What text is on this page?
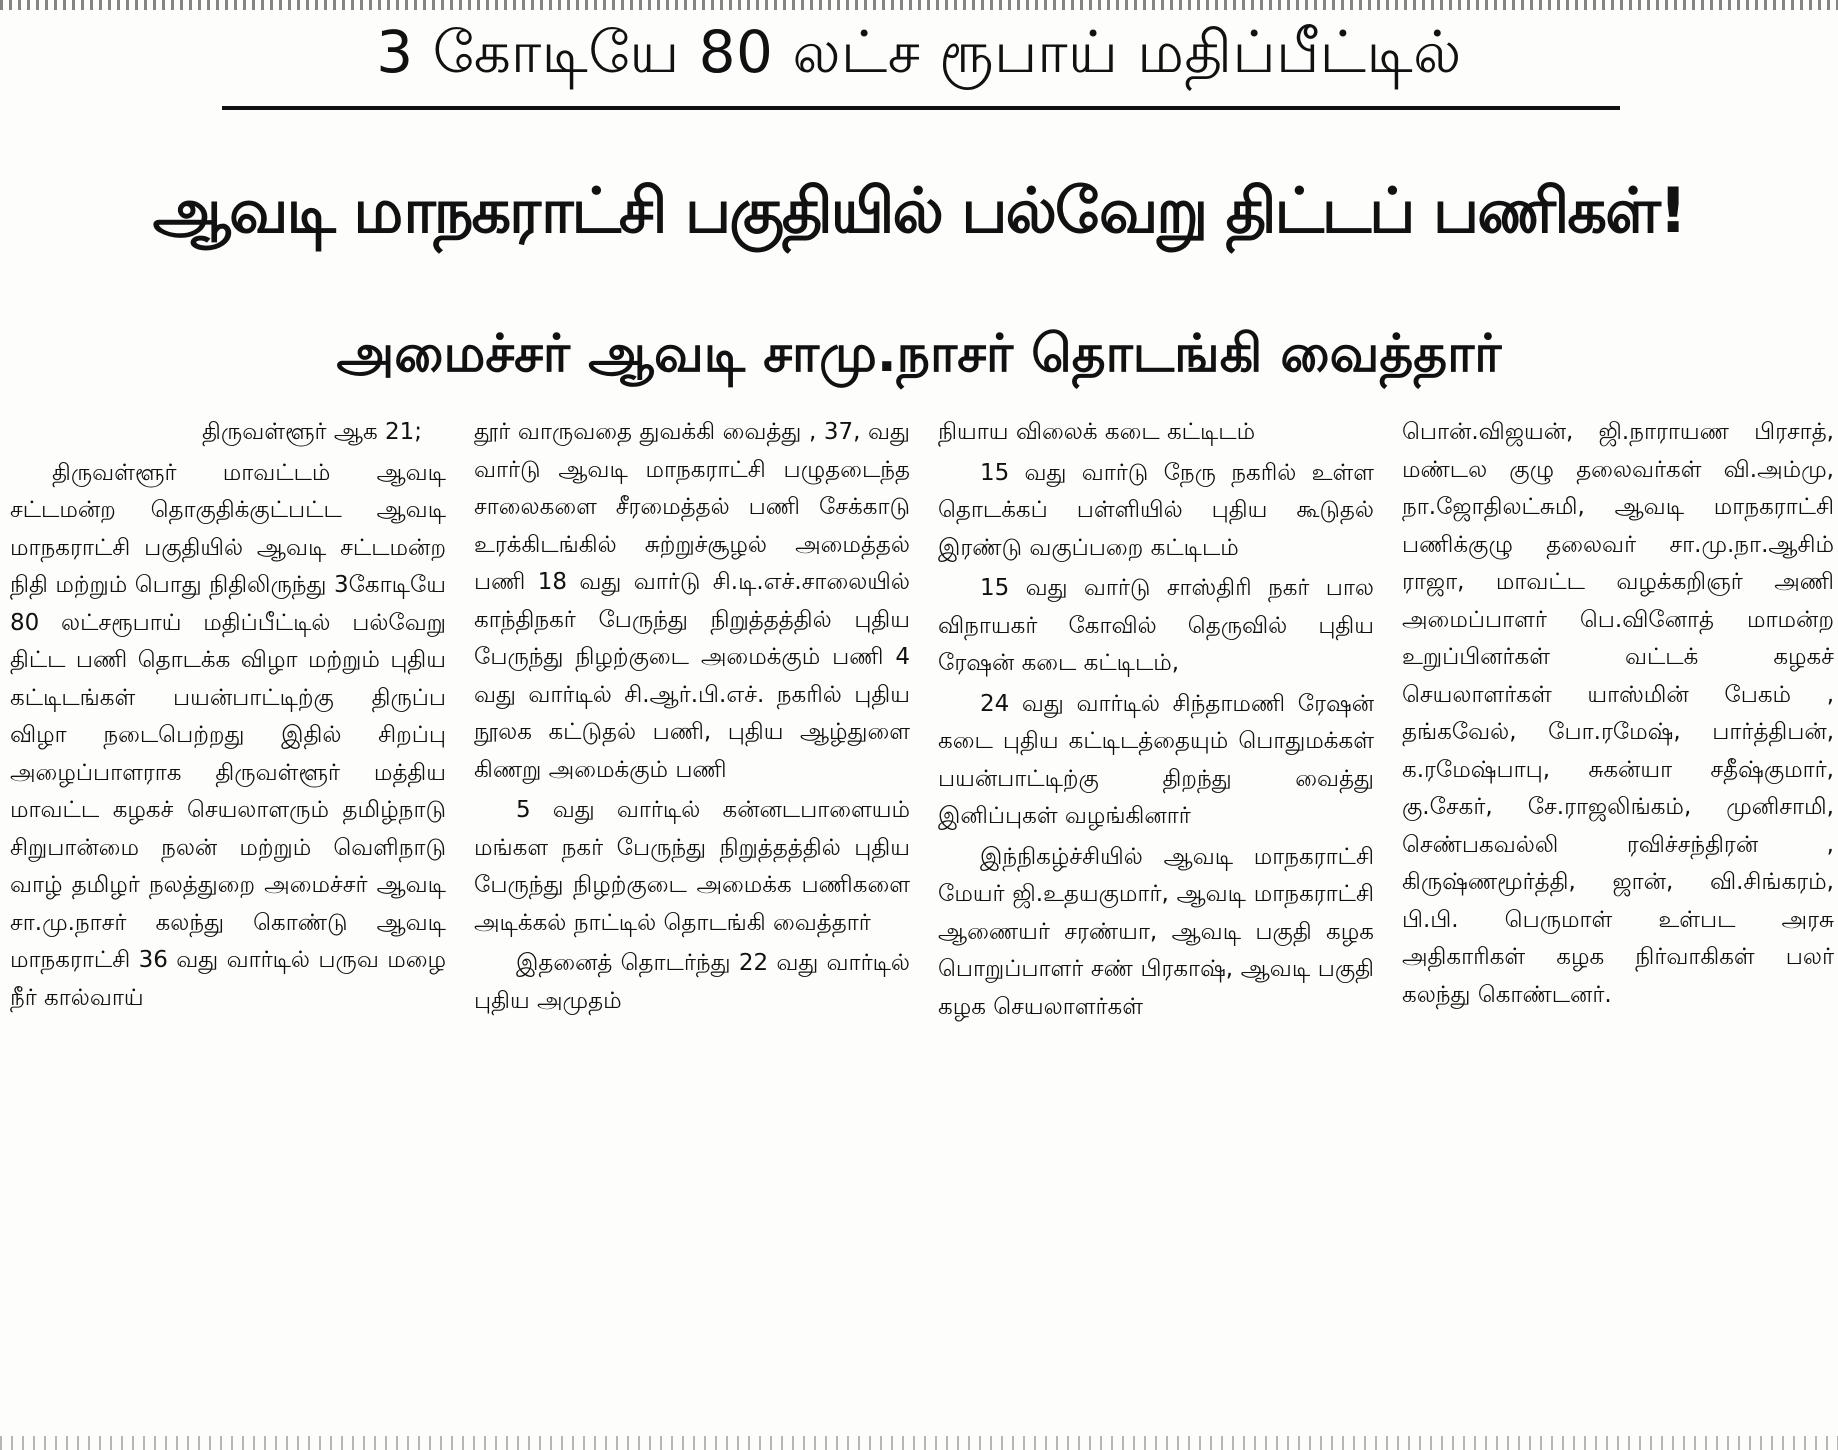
3 கோடியே 80 லட்ச ரூபாய் மதிப்பீட்டில்
ஆவடி மாநகராட்சி பகுதியில் பல்வேறு திட்டப் பணிகள்!
அமைச்சர் ஆவடி சாமு.நாசர் தொடங்கி வைத்தார்

திருவள்ளூர் ஆக 21;

திருவள்ளூர் மாவட்டம் ஆவடி சட்டமன்ற தொகுதிக்குட்பட்ட ஆவடி மாநகராட்சி பகுதியில் ஆவடி சட்டமன்ற நிதி மற்றும் பொது நிதிலிருந்து 3கோடியே 80 லட்சரூபாய் மதிப்பீட்டில் பல்வேறு திட்ட பணி தொடக்க விழா மற்றும் புதிய கட்டிடங்கள் பயன்பாட்டிற்கு திருப்ப விழா நடைபெற்றது இதில் சிறப்பு அழைப்பாளராக திருவள்ளூர் மத்திய மாவட்ட கழகச் செயலாளரும் தமிழ்நாடு சிறுபான்மை நலன் மற்றும் வெளிநாடு வாழ் தமிழர் நலத்துறை அமைச்சர் ஆவடி சா.மு.நாசர் கலந்து கொண்டு ஆவடி மாநகராட்சி 36 வது வார்டில் பருவ மழை நீர் கால்வாய்

தூர் வாருவதை துவக்கி வைத்து , 37, வது வார்டு ஆவடி மாநகராட்சி பழுதடைந்த சாலைகளை சீரமைத்தல் பணி சேக்காடு உரக்கிடங்கில் சுற்றுச்சூழல் அமைத்தல் பணி 18 வது வார்டு சி.டி.எச்.சாலையில் காந்திநகர் பேருந்து நிறுத்தத்தில் புதிய பேருந்து நிழற்குடை அமைக்கும் பணி 4 வது வார்டில் சி.ஆர்.பி.எச். நகரில் புதிய நூலக கட்டுதல் பணி, புதிய ஆழ்துளை கிணறு அமைக்கும் பணி

5 வது வார்டில் கன்னடபாளையம் மங்கள நகர் பேருந்து நிறுத்தத்தில் புதிய பேருந்து நிழற்குடை அமைக்க பணிகளை அடிக்கல் நாட்டில் தொடங்கி வைத்தார்

இதனைத் தொடர்ந்து 22 வது வார்டில் புதிய அமுதம்

நியாய விலைக் கடை கட்டிடம்

15 வது வார்டு நேரு நகரில் உள்ள தொடக்கப் பள்ளியில் புதிய கூடுதல் இரண்டு வகுப்பறை கட்டிடம்

15 வது வார்டு சாஸ்திரி நகர் பால விநாயகர் கோவில் தெருவில் புதிய ரேஷன் கடை கட்டிடம்,

24 வது வார்டில் சிந்தாமணி ரேஷன் கடை புதிய கட்டிடத்தையும் பொதுமக்கள் பயன்பாட்டிற்கு திறந்து வைத்து இனிப்புகள் வழங்கினார்

இந்நிகழ்ச்சியில் ஆவடி மாநகராட்சி மேயர் ஜி.உதயகுமார், ஆவடி மாநகராட்சி ஆணையர் சரண்யா, ஆவடி பகுதி கழக பொறுப்பாளர் சண் பிரகாஷ், ஆவடி பகுதி கழக செயலாளர்கள்

பொன்.விஜயன், ஜி.நாராயண பிரசாத், மண்டல குழு தலைவர்கள் வி.அம்மு, நா.ஜோதிலட்சுமி, ஆவடி மாநகராட்சி பணிக்குழு தலைவர் சா.மு.நா.ஆசிம் ராஜா, மாவட்ட வழக்கறிஞர் அணி அமைப்பாளர் பெ.வினோத் மாமன்ற உறுப்பினர்கள் வட்டக் கழகச் செயலாளர்கள் யாஸ்மின் பேகம் , தங்கவேல், போ.ரமேஷ், பார்த்திபன், க.ரமேஷ்பாபு, சுகன்யா சதீஷ்குமார், கு.சேகர், சே.ராஜலிங்கம், முனிசாமி, செண்பகவல்லி ரவிச்சந்திரன் , கிருஷ்ணமூர்த்தி, ஜான், வி.சிங்கரம், பி.பி. பெருமாள் உள்பட அரசு அதிகாரிகள் கழக நிர்வாகிகள் பலர் கலந்து கொண்டனர்.
